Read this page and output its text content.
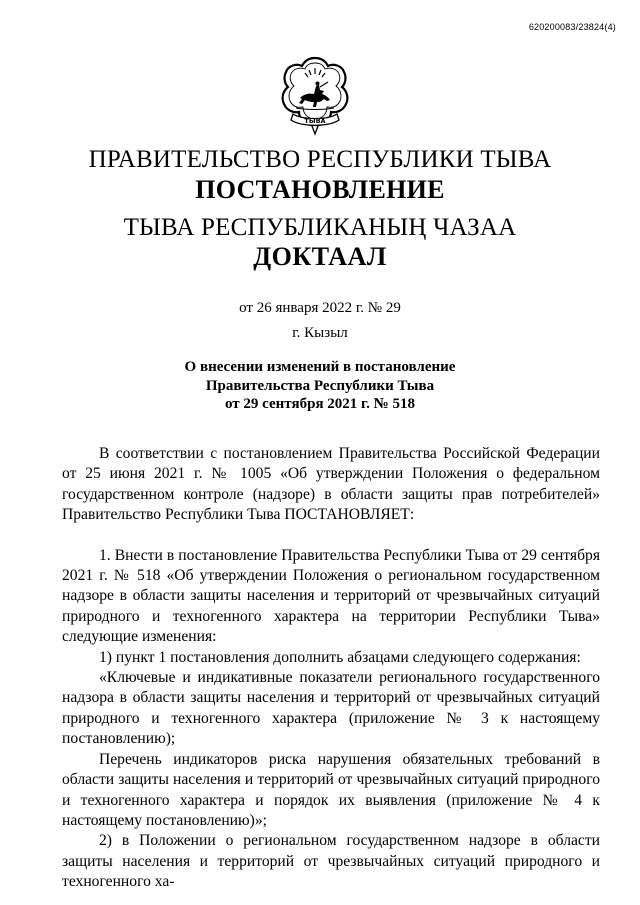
620200083/23824(4)
ТЫВА
ПРАВИТЕЛЬСТВО РЕСПУБЛИКИ ТЫВА
ПОСТАНОВЛЕНИЕ
ТЫВА РЕСПУБЛИКАНЫҢ ЧАЗАА
ДОКТААЛ
от 26 января 2022 г. № 29
г. Кызыл
О внесении изменений в постановление
Правительства Республики Тыва
от 29 сентября 2021 г. № 518

В соответствии с постановлением Правительства Российской Федерации от 25 июня 2021 г. № 1005 «Об утверждении Положения о федеральном государственном контроле (надзоре) в области защиты прав потребителей» Правительство Республики Тыва ПОСТАНОВЛЯЕТ:

1. Внести в постановление Правительства Республики Тыва от 29 сентября 2021 г. № 518 «Об утверждении Положения о региональном государственном надзоре в области защиты населения и территорий от чрезвычайных ситуаций природного и техногенного характера на территории Республики Тыва» следующие изменения:

1) пункт 1 постановления дополнить абзацами следующего содержания:

«Ключевые и индикативные показатели регионального государственного надзора в области защиты населения и территорий от чрезвычайных ситуаций природного и техногенного характера (приложение № 3 к настоящему постановлению);

Перечень индикаторов риска нарушения обязательных требований в области защиты населения и территорий от чрезвычайных ситуаций природного и техногенного характера и порядок их выявления (приложение № 4 к настоящему постановлению)»;

2) в Положении о региональном государственном надзоре в области защиты населения и территорий от чрезвычайных ситуаций природного и техногенного ха-
